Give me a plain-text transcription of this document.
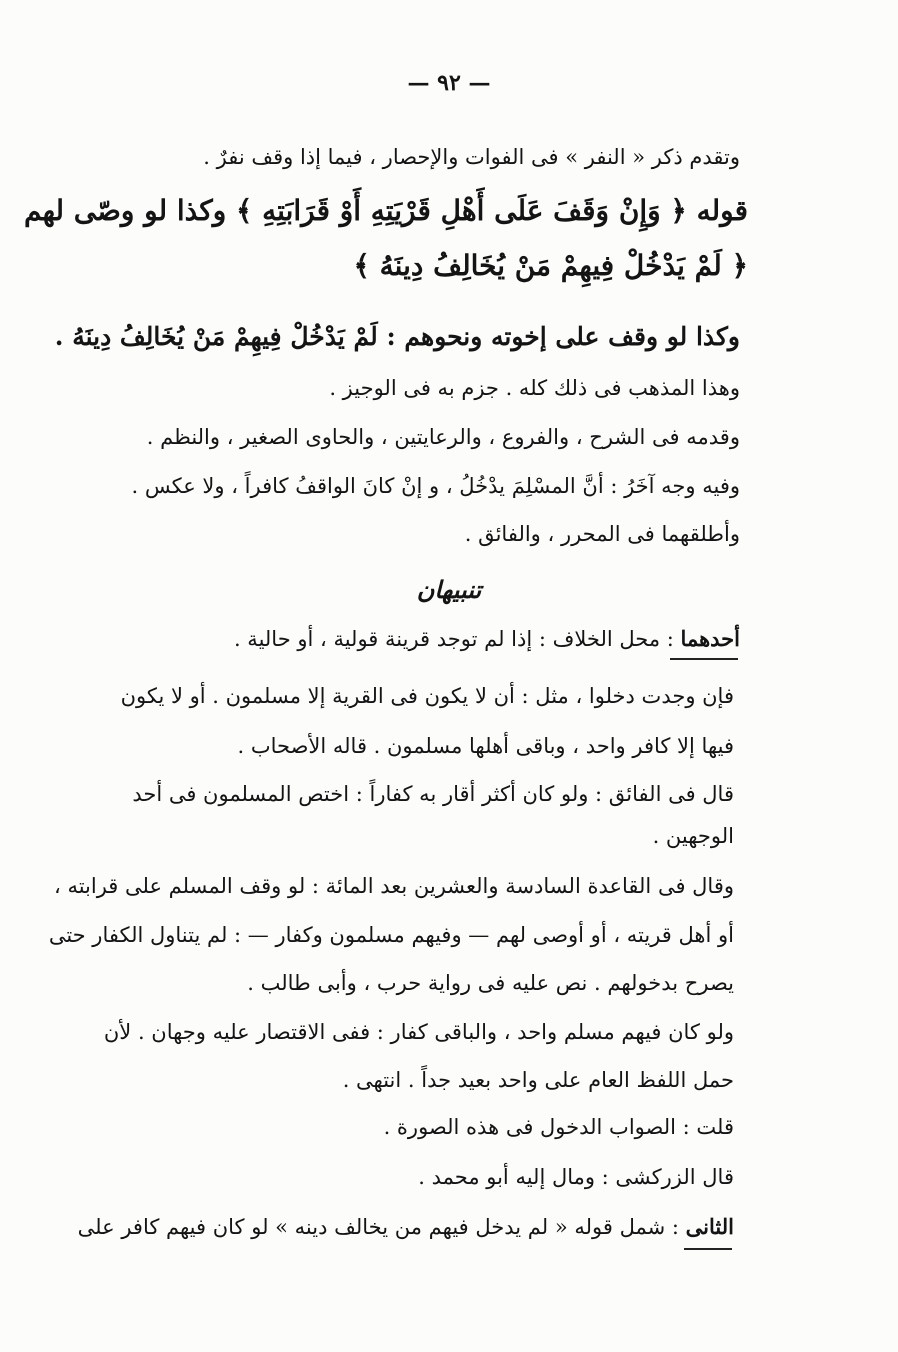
— ٩٢ —
وتقدم ذكر « النفر » فى الفوات والإحصار ، فيما إذا وقف نفرٌ .
قوله ﴿ وَإِنْ وَقَفَ عَلَى أَهْلِ قَرْيَتِهِ أَوْ قَرَابَتِهِ ﴾ وكذا لو وصّى لهم
﴿ لَمْ يَدْخُلْ فِيهِمْ مَنْ يُخَالِفُ دِينَهُ ﴾
وكذا لو وقف على إخوته ونحوهم : لَمْ يَدْخُلْ فِيهِمْ مَنْ يُخَالِفُ دِينَهُ .
وهذا المذهب فى ذلك كله . جزم به فى الوجيز .
وقدمه فى الشرح ، والفروع ، والرعايتين ، والحاوى الصغير ، والنظم .
وفيه وجه آخَرُ : أنَّ المسْلِمَ يدْخُلُ ، و إنْ كانَ الواقفُ كافراً ، ولا عكس .
وأطلقهما فى المحرر ، والفائق .
تنبيهان
أحدهما : محل الخلاف : إذا لم توجد قرينة قولية ، أو حالية .
فإن وجدت دخلوا ، مثل : أن لا يكون فى القرية إلا مسلمون . أو لا يكون
فيها إلا كافر واحد ، وباقى أهلها مسلمون . قاله الأصحاب .
قال فى الفائق : ولو كان أكثر أقار به كفاراً : اختص المسلمون فى أحد
الوجهين .
وقال فى القاعدة السادسة والعشرين بعد المائة : لو وقف المسلم على قرابته ،
أو أهل قريته ، أو أوصى لهم — وفيهم مسلمون وكفار — : لم يتناول الكفار حتى
يصرح بدخولهم . نص عليه فى رواية حرب ، وأبى طالب .
ولو كان فيهم مسلم واحد ، والباقى كفار : ففى الاقتصار عليه وجهان . لأن
حمل اللفظ العام على واحد بعيد جداً . انتهى .
قلت : الصواب الدخول فى هذه الصورة .
قال الزركشى : ومال إليه أبو محمد .
الثانى : شمل قوله « لم يدخل فيهم من يخالف دينه » لو كان فيهم كافر على
